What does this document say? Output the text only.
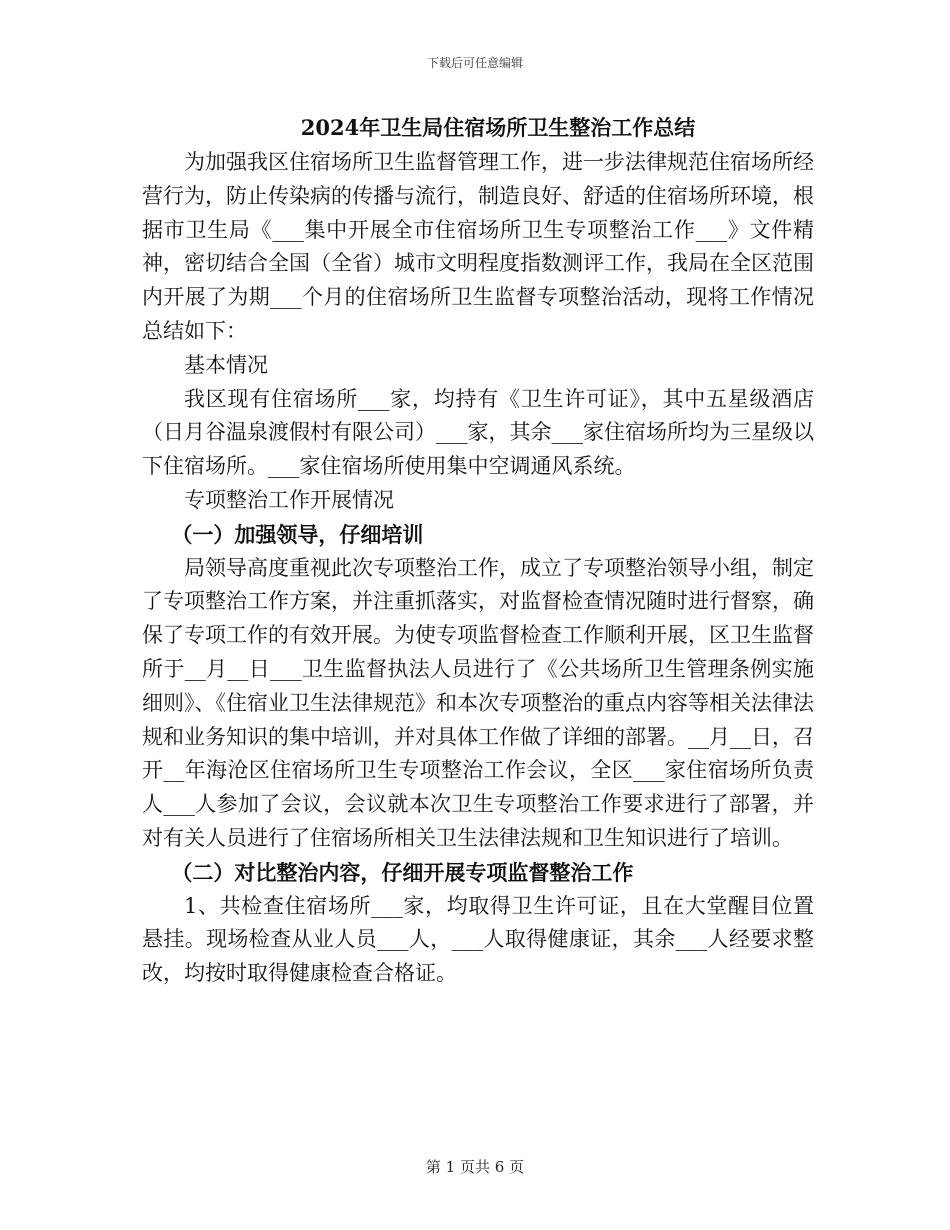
下载后可任意编辑
2024年卫生局住宿场所卫生整治工作总结

为加强我区住宿场所卫生监督管理工作，进一步法律规范住宿场所经营行为，防止传染病的传播与流行，制造良好、舒适的住宿场所环境，根据市卫生局《___集中开展全市住宿场所卫生专项整治工作___》文件精神，密切结合全国（全省）城市文明程度指数测评工作，我局在全区范围内开展了为期___个月的住宿场所卫生监督专项整治活动，现将工作情况总结如下：

基本情况

我区现有住宿场所___家，均持有《卫生许可证》，其中五星级酒店（日月谷温泉渡假村有限公司）___家，其余___家住宿场所均为三星级以下住宿场所。___家住宿场所使用集中空调通风系统。

专项整治工作开展情况

（一）加强领导，仔细培训

局领导高度重视此次专项整治工作，成立了专项整治领导小组，制定了专项整治工作方案，并注重抓落实，对监督检查情况随时进行督察，确保了专项工作的有效开展。为使专项监督检查工作顺利开展，区卫生监督所于__月__日___卫生监督执法人员进行了《公共场所卫生管理条例实施细则》、《住宿业卫生法律规范》和本次专项整治的重点内容等相关法律法规和业务知识的集中培训，并对具体工作做了详细的部署。__月__日，召开__年海沧区住宿场所卫生专项整治工作会议，全区___家住宿场所负责人___人参加了会议，会议就本次卫生专项整治工作要求进行了部署，并对有关人员进行了住宿场所相关卫生法律法规和卫生知识进行了培训。

（二）对比整治内容，仔细开展专项监督整治工作

1、共检查住宿场所___家，均取得卫生许可证，且在大堂醒目位置悬挂。现场检查从业人员___人，___人取得健康证，其余___人经要求整改，均按时取得健康检查合格证。

第 1 页共 6 页
